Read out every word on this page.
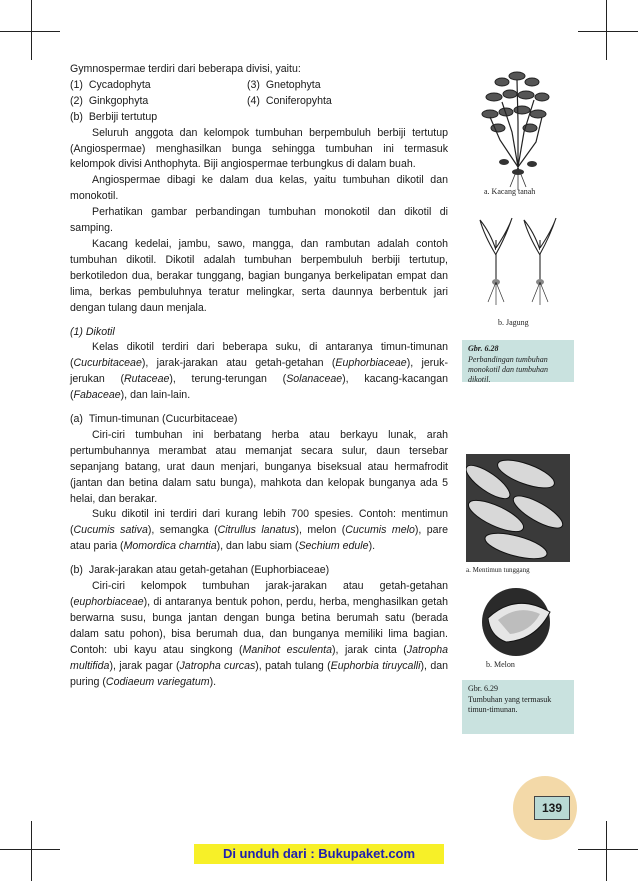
Gymnospermae terdiri dari beberapa divisi, yaitu:

(1) Cycadophyta	(3) Gnetophyta
(2) Ginkgophyta	(4) Coniferopyhta

(b) Berbiji tertutup

Seluruh anggota dan kelompok tumbuhan berpembuluh berbiji tertutup (Angiospermae) menghasilkan bunga sehingga tumbuhan ini termasuk kelompok divisi Anthophyta. Biji angiospermae terbungkus di dalam buah.

Angiospermae dibagi ke dalam dua kelas, yaitu tumbuhan dikotil dan monokotil.

Perhatikan gambar perbandingan tumbuhan monokotil dan dikotil di samping.

Kacang kedelai, jambu, sawo, mangga, dan rambutan adalah contoh tumbuhan dikotil. Dikotil adalah tumbuhan berpembuluh berbiji tertutup, berkotiledon dua, berakar tunggang, bagian bunganya berkelipatan empat dan lima, berkas pembuluhnya teratur melingkar, serta daunnya berbentuk jari dengan tulang daun menjala.

(1) Dikotil

Kelas dikotil terdiri dari beberapa suku, di antaranya timun-timunan (Cucurbitaceae), jarak-jarakan atau getah-getahan (Euphorbiaceae), jeruk-jerukan (Rutaceae), terung-terungan (Solanaceae), kacang-kacangan (Fabaceae), dan lain-lain.

(a) Timun-timunan (Cucurbitaceae)

Ciri-ciri tumbuhan ini berbatang herba atau berkayu lunak, arah pertumbuhannya merambat atau memanjat secara sulur, daun tersebar sepanjang batang, urat daun menjari, bunganya biseksual atau hermafrodit (jantan dan betina dalam satu bunga), mahkota dan kelopak bunganya ada 5 helai, dan berakar.

Suku dikotil ini terdiri dari kurang lebih 700 spesies. Contoh: mentimun (Cucumis sativa), semangka (Citrullus lanatus), melon (Cucumis melo), pare atau paria (Momordica charntia), dan labu siam (Sechium edule).

(b) Jarak-jarakan atau getah-getahan (Euphorbiaceae)

Ciri-ciri kelompok tumbuhan jarak-jarakan atau getah-getahan (euphorbiaceae), di antaranya bentuk pohon, perdu, herba, menghasilkan getah berwarna susu, bunga jantan dengan bunga betina berumah satu (berada dalam satu pohon), bisa berumah dua, dan bunganya memiliki lima bagian. Contoh: ubi kayu atau singkong (Manihot esculenta), jarak cinta (Jatropha multifida), jarak pagar (Jatropha curcas), patah tulang (Euphorbia tiruycalli), dan puring (Codiaeum variegatum).

a. Kacang tanah
b. Jagung
Gbr. 6.28
Perbandingan tumbuhan monokotil dan tumbuhan dikotil.
a. Mentimun tunggang
b. Melon
Gbr. 6.29
Tumbuhan yang termasuk timun-timunan.
139
Di unduh dari : Bukupaket.com
